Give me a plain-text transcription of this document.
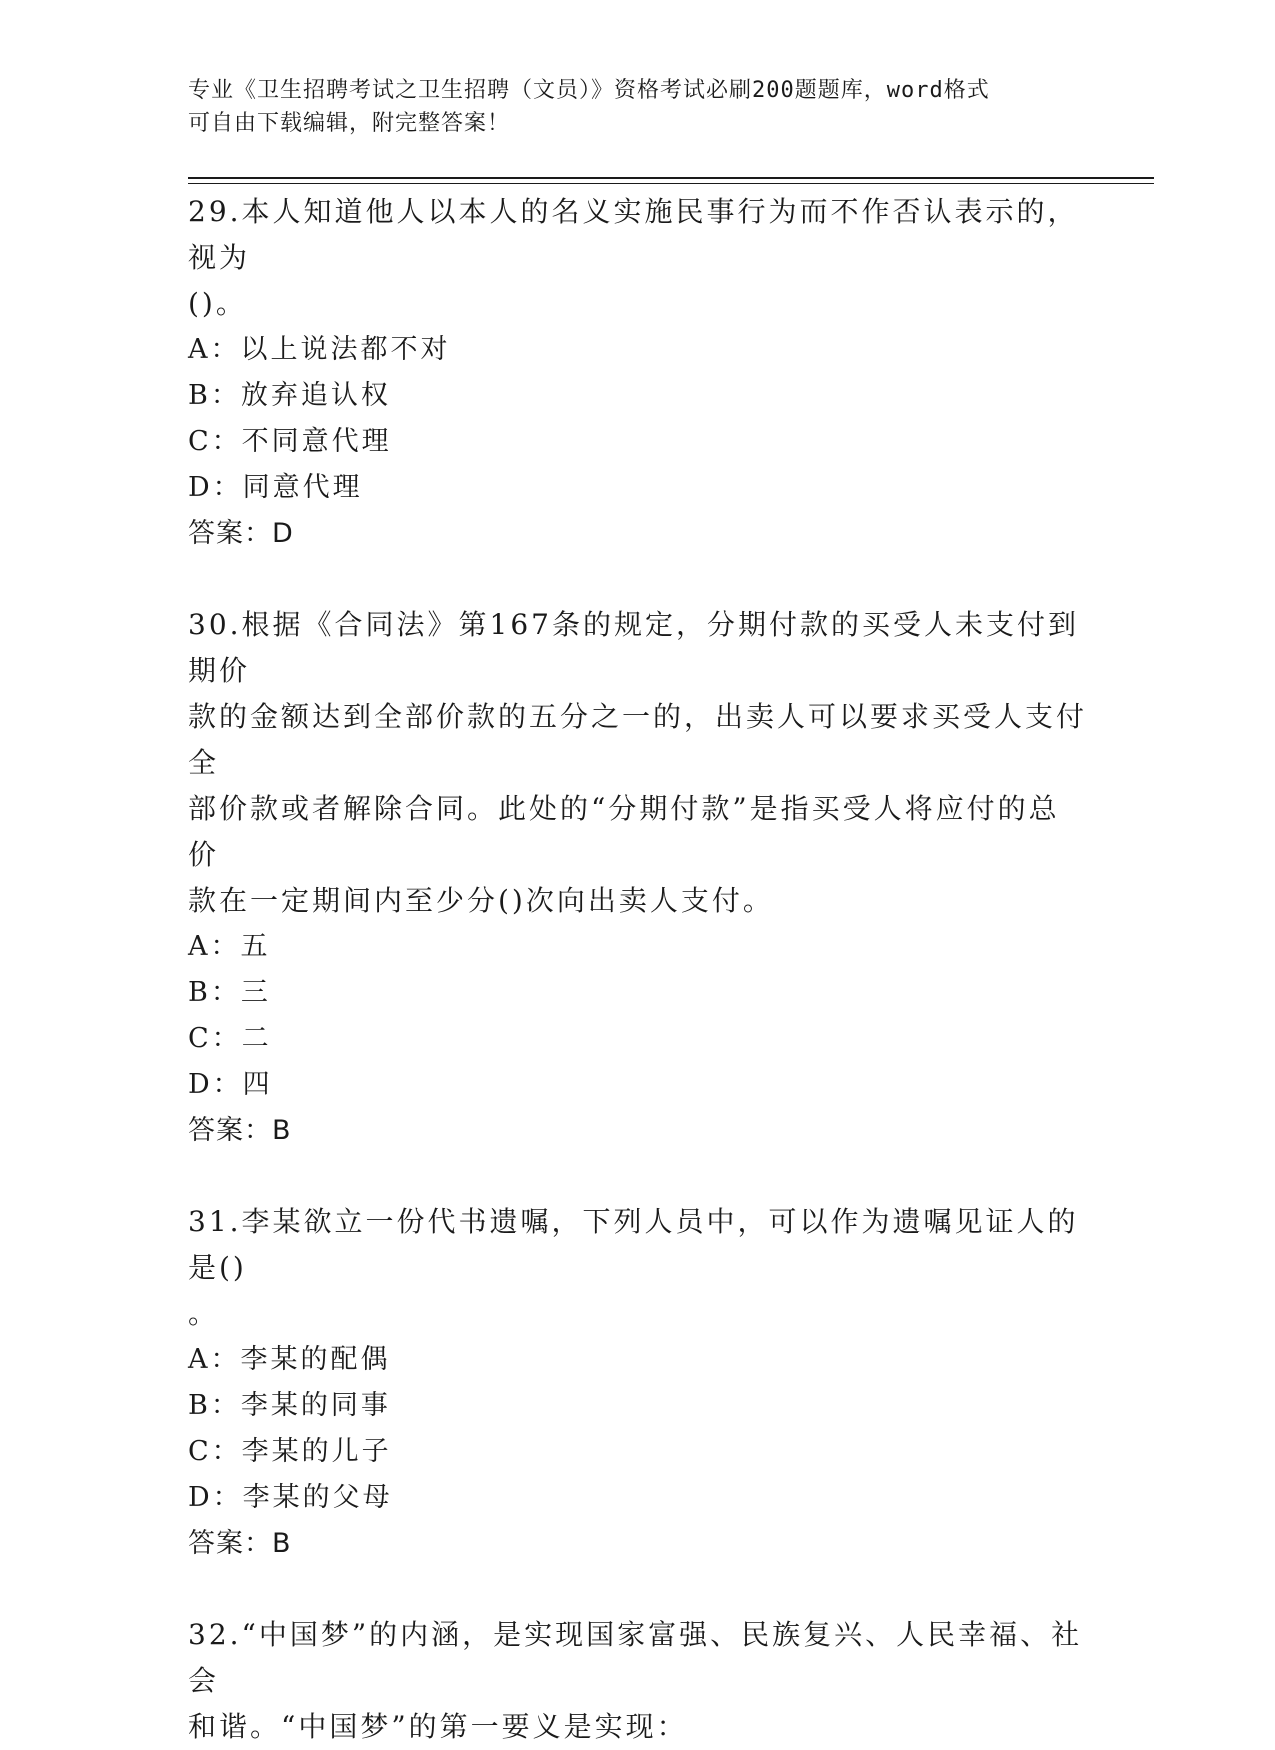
专业《卫生招聘考试之卫生招聘（文员）》资格考试必刷200题题库，word格式
可自由下载编辑，附完整答案！
29.本人知道他人以本人的名义实施民事行为而不作否认表示的，视为
()。
A：以上说法都不对
B：放弃追认权
C：不同意代理
D：同意代理
答案：D
30.根据《合同法》第167条的规定，分期付款的买受人未支付到期价
款的金额达到全部价款的五分之一的，出卖人可以要求买受人支付全
部价款或者解除合同。此处的“分期付款”是指买受人将应付的总价
款在一定期间内至少分()次向出卖人支付。
A：五
B：三
C：二
D：四
答案：B
31.李某欲立一份代书遗嘱，下列人员中，可以作为遗嘱见证人的是()
。
A：李某的配偶
B：李某的同事
C：李某的儿子
D：李某的父母
答案：B
32.“中国梦”的内涵，是实现国家富强、民族复兴、人民幸福、社会
和谐。“中国梦”的第一要义是实现：
